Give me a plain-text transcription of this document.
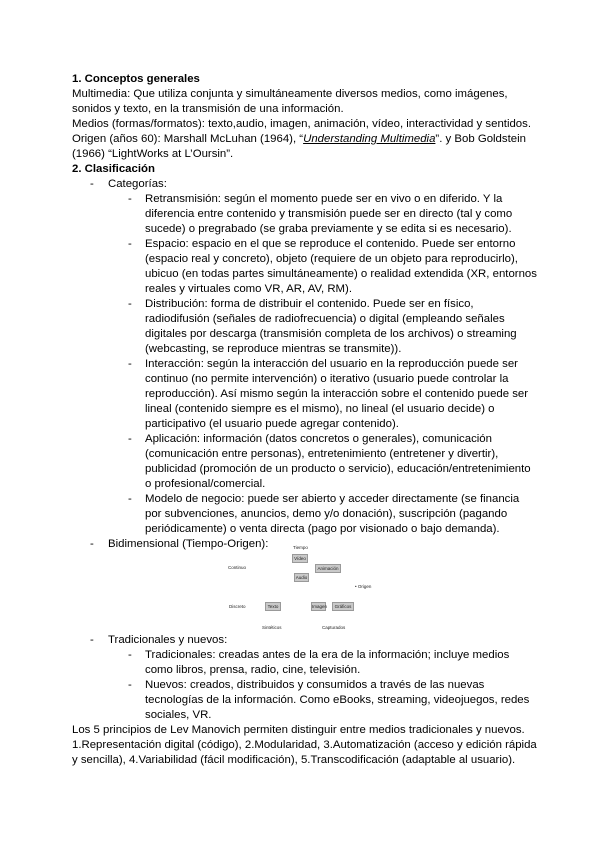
1. Conceptos generales
Multimedia: Que utiliza conjunta y simultáneamente diversos medios, como imágenes,
sonidos y texto, en la transmisión de una información.
Medios (formas/formatos): texto,audio, imagen, animación, vídeo, interactividad y sentidos.
Origen (años 60): Marshall McLuhan (1964), “Understanding Multimedia”. y Bob Goldstein
(1966) “LightWorks at L’Oursin”.
2. Clasificación
- Categorías:
- Retransmisión: según el momento puede ser en vivo o en diferido. Y la
diferencia entre contenido y transmisión puede ser en directo (tal y como
sucede) o pregrabado (se graba previamente y se edita si es necesario).
- Espacio: espacio en el que se reproduce el contenido. Puede ser entorno
(espacio real y concreto), objeto (requiere de un objeto para reproducirlo),
ubicuo (en todas partes simultáneamente) o realidad extendida (XR, entornos
reales y virtuales como VR, AR, AV, RM).
- Distribución: forma de distribuir el contenido. Puede ser en físico,
radiodifusión (señales de radiofrecuencia) o digital (empleando señales
digitales por descarga (transmisión completa de los archivos) o streaming
(webcasting, se reproduce mientras se transmite)).
- Interacción: según la interacción del usuario en la reproducción puede ser
continuo (no permite intervención) o iterativo (usuario puede controlar la
reproducción). Así mismo según la interacción sobre el contenido puede ser
lineal (contenido siempre es el mismo), no lineal (el usuario decide) o
participativo (el usuario puede agregar contenido).
- Aplicación: información (datos concretos o generales), comunicación
(comunicación entre personas), entretenimiento (entretener y divertir),
publicidad (promoción de un producto o servicio), educación/entretenimiento
o profesional/comercial.
- Modelo de negocio: puede ser abierto y acceder directamente (se financia
por subvenciones, anuncios, demo y/o donación), suscripción (pagando
periódicamente) o venta directa (pago por visionado o bajo demanda).
- Bidimensional (Tiempo-Origen):	Tiempo
Vídeo
Continuo	Animación
Audio
• Origen
Discreto	Texto	Imagen	Gráficos
Sintéticos	Capturados
- Tradicionales y nuevos:
- Tradicionales: creadas antes de la era de la información; incluye medios
como libros, prensa, radio, cine, televisión.
- Nuevos: creados, distribuidos y consumidos a través de las nuevas
tecnologías de la información. Como eBooks, streaming, videojuegos, redes
sociales, VR.
Los 5 principios de Lev Manovich permiten distinguir entre medios tradicionales y nuevos.
1.Representación digital (código), 2.Modularidad, 3.Automatización (acceso y edición rápida
y sencilla), 4.Variabilidad (fácil modificación), 5.Transcodificación (adaptable al usuario).
